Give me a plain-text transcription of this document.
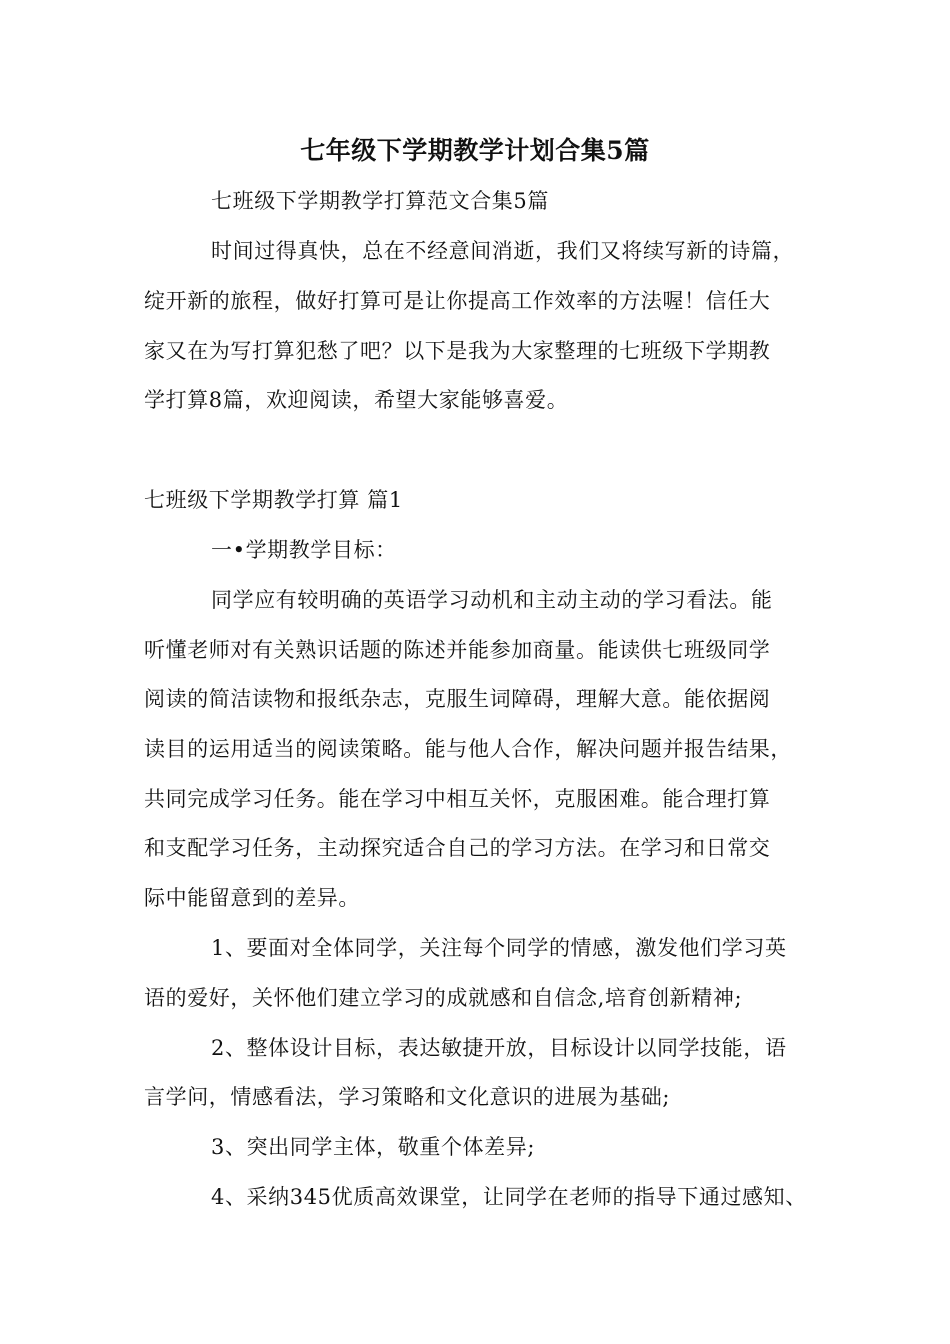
七年级下学期教学计划合集5篇
七班级下学期教学打算范文合集5篇
时间过得真快，总在不经意间消逝，我们又将续写新的诗篇，
绽开新的旅程，做好打算可是让你提高工作效率的方法喔！信任大
家又在为写打算犯愁了吧？以下是我为大家整理的七班级下学期教
学打算8篇，欢迎阅读，希望大家能够喜爱。
七班级下学期教学打算 篇1
一•学期教学目标：
同学应有较明确的英语学习动机和主动主动的学习看法。能
听懂老师对有关熟识话题的陈述并能参加商量。能读供七班级同学
阅读的简洁读物和报纸杂志，克服生词障碍，理解大意。能依据阅
读目的运用适当的阅读策略。能与他人合作，解决问题并报告结果，
共同完成学习任务。能在学习中相互关怀，克服困难。能合理打算
和支配学习任务，主动探究适合自己的学习方法。在学习和日常交
际中能留意到的差异。
1、要面对全体同学，关注每个同学的情感，激发他们学习英
语的爱好，关怀他们建立学习的成就感和自信念,培育创新精神;
2、整体设计目标，表达敏捷开放，目标设计以同学技能，语
言学问，情感看法，学习策略和文化意识的进展为基础;
3、突出同学主体，敬重个体差异;
4、采纳345优质高效课堂，让同学在老师的指导下通过感知、
